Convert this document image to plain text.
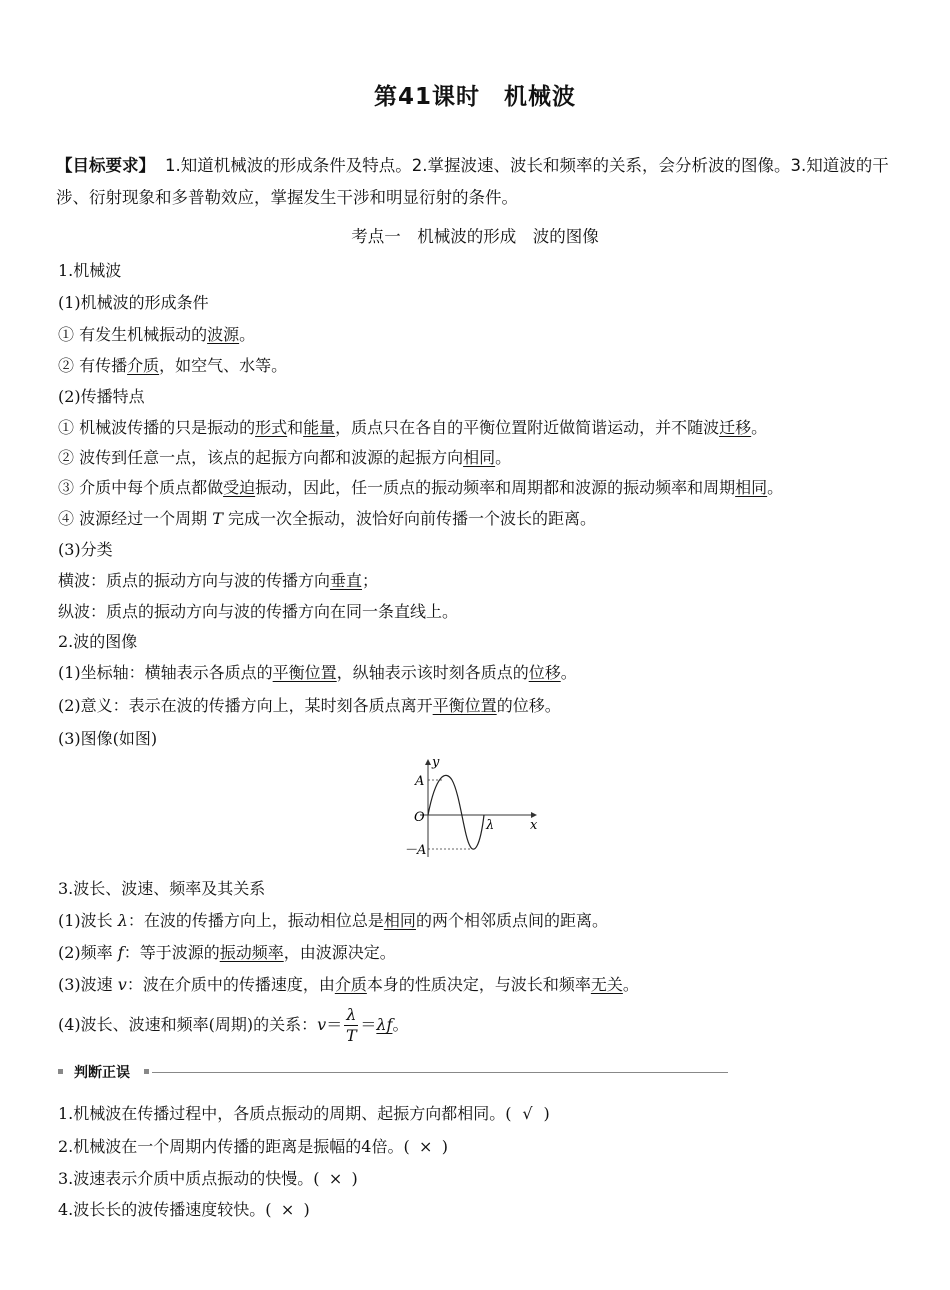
第41课时　机械波
【目标要求】 1.知道机械波的形成条件及特点。2.掌握波速、波长和频率的关系，会分析波的图像。3.知道波的干涉、衍射现象和多普勒效应，掌握发生干涉和明显衍射的条件。
考点一　机械波的形成　波的图像
1.机械波
(1)机械波的形成条件
① 有发生机械振动的波源。
② 有传播介质，如空气、水等。
(2)传播特点
① 机械波传播的只是振动的形式和能量，质点只在各自的平衡位置附近做简谐运动，并不随波迁移。
② 波传到任意一点，该点的起振方向都和波源的起振方向相同。
③ 介质中每个质点都做受迫振动，因此，任一质点的振动频率和周期都和波源的振动频率和周期相同。
④ 波源经过一个周期 T 完成一次全振动，波恰好向前传播一个波长的距离。
(3)分类
横波：质点的振动方向与波的传播方向垂直；
纵波：质点的振动方向与波的传播方向在同一条直线上。
2.波的图像
(1)坐标轴：横轴表示各质点的平衡位置，纵轴表示该时刻各质点的位移。
(2)意义：表示在波的传播方向上，某时刻各质点离开平衡位置的位移。
(3)图像(如图)
y
x
O
A
－A
λ
3.波长、波速、频率及其关系
(1)波长 λ：在波的传播方向上，振动相位总是相同的两个相邻质点间的距离。
(2)频率 f：等于波源的振动频率，由波源决定。
(3)波速 v：波在介质中的传播速度，由介质本身的性质决定，与波长和频率无关。
(4)波长、波速和频率(周期)的关系：$v= \frac{\lambda}{T} =\lambda f$。
判断正误
1.机械波在传播过程中，各质点振动的周期、起振方向都相同。( √ )
2.机械波在一个周期内传播的距离是振幅的4倍。( × )
3.波速表示介质中质点振动的快慢。( × )
4.波长长的波传播速度较快。( × )
